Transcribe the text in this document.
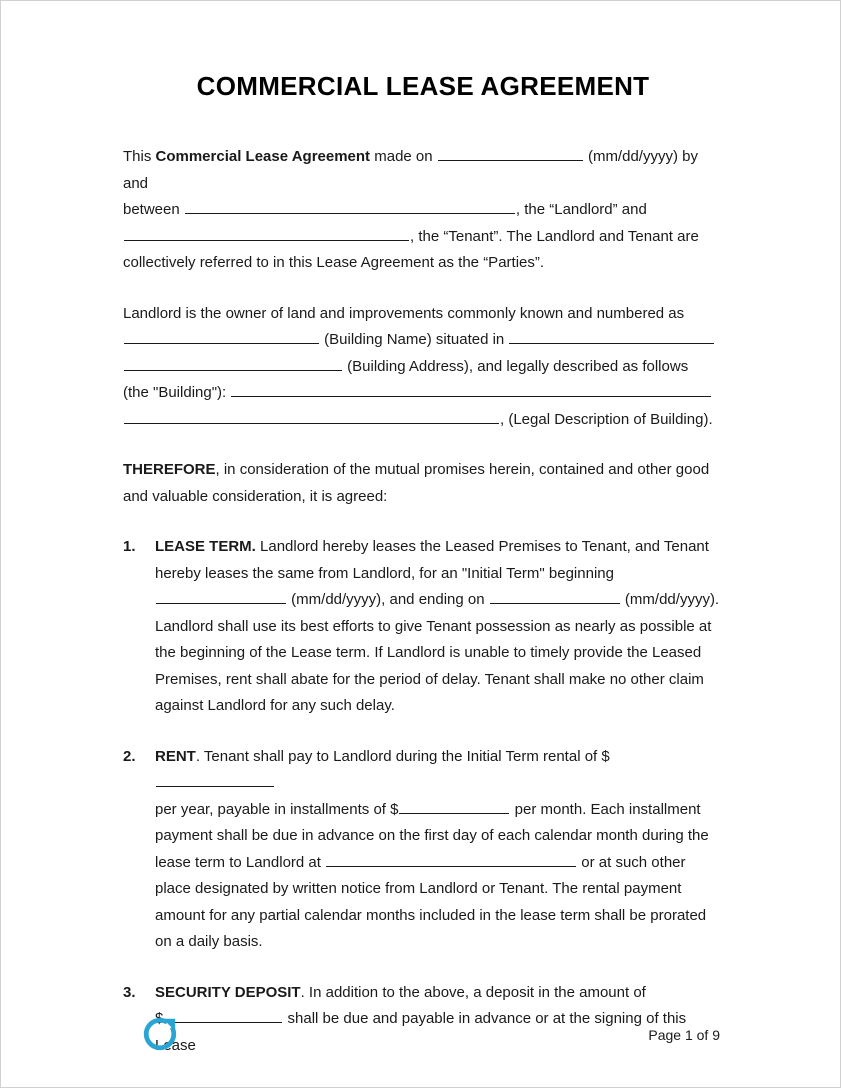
COMMERCIAL LEASE AGREEMENT

This Commercial Lease Agreement made on	(mm/dd/yyyy) by and
between	, the “Landlord” and
, the “Tenant”. The Landlord and Tenant are
collectively referred to in this Lease Agreement as the “Parties”.

Landlord is the owner of land and improvements commonly known and numbered as
(Building Name) situated in
(Building Address), and legally described as follows
(the "Building"):
, (Legal Description of Building).

THEREFORE, in consideration of the mutual promises herein, contained and other good and valuable consideration, it is agreed:

1.	LEASE TERM. Landlord hereby leases the Leased Premises to Tenant, and Tenant hereby leases the same from Landlord, for an "Initial Term" beginning
(mm/dd/yyyy), and ending on	(mm/dd/yyyy). Landlord shall use its best efforts to give Tenant possession as nearly as possible at the beginning of the Lease term. If Landlord is unable to timely provide the Leased Premises, rent shall abate for the period of delay. Tenant shall make no other claim against Landlord for any such delay.
2.	RENT. Tenant shall pay to Landlord during the Initial Term rental of $
per year, payable in installments of $	per month. Each installment payment shall be due in advance on the first day of each calendar month during the lease term to Landlord at	or at such other place designated by written notice from Landlord or Tenant. The rental payment amount for any partial calendar months included in the lease term shall be prorated on a daily basis.
3.	SECURITY DEPOSIT. In addition to the above, a deposit in the amount of
shall be due and payable in advance or at the signing of this Lease
Page 1 of 9
